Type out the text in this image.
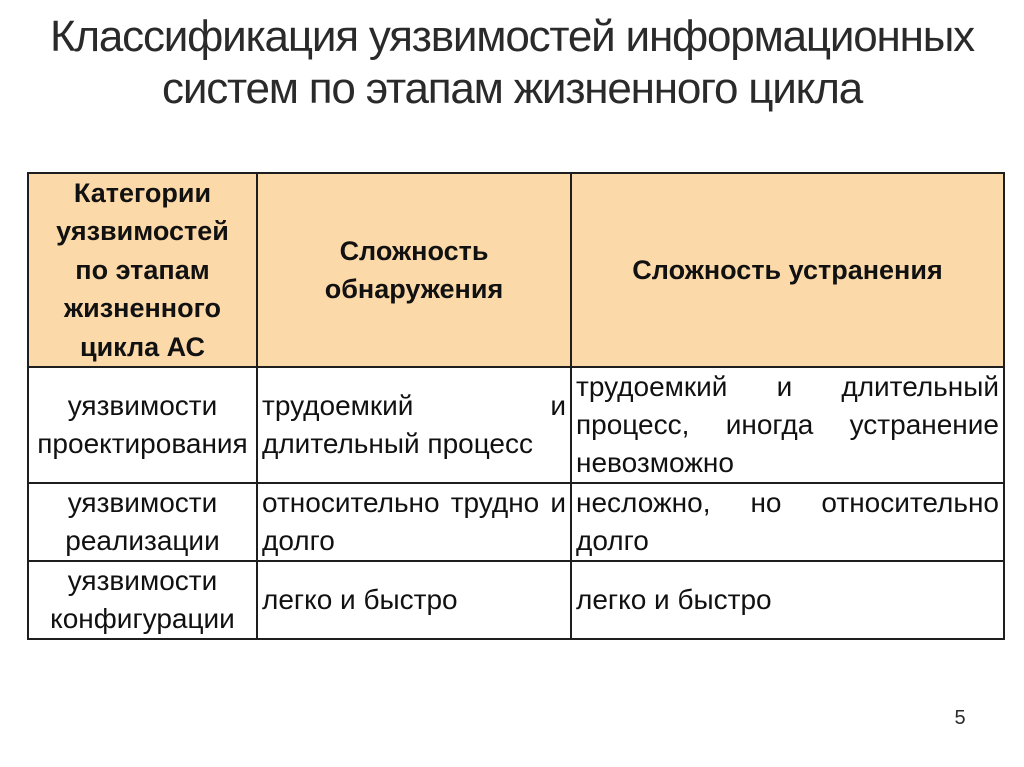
Классификация уязвимостей информационных
систем по этапам жизненного цикла
Категории
уязвимостей
по этапам
жизненного
цикла АС
Сложность
обнаружения
Сложность устранения
уязвимости
проектирования
трудоемкий и
длительный процесс
трудоемкий и длительный
процесс, иногда устранение
невозможно
уязвимости
реализации
относительно трудно и
долго
несложно, но относительно
долго
уязвимости
конфигурации
легко и быстро	легко и быстро
5
